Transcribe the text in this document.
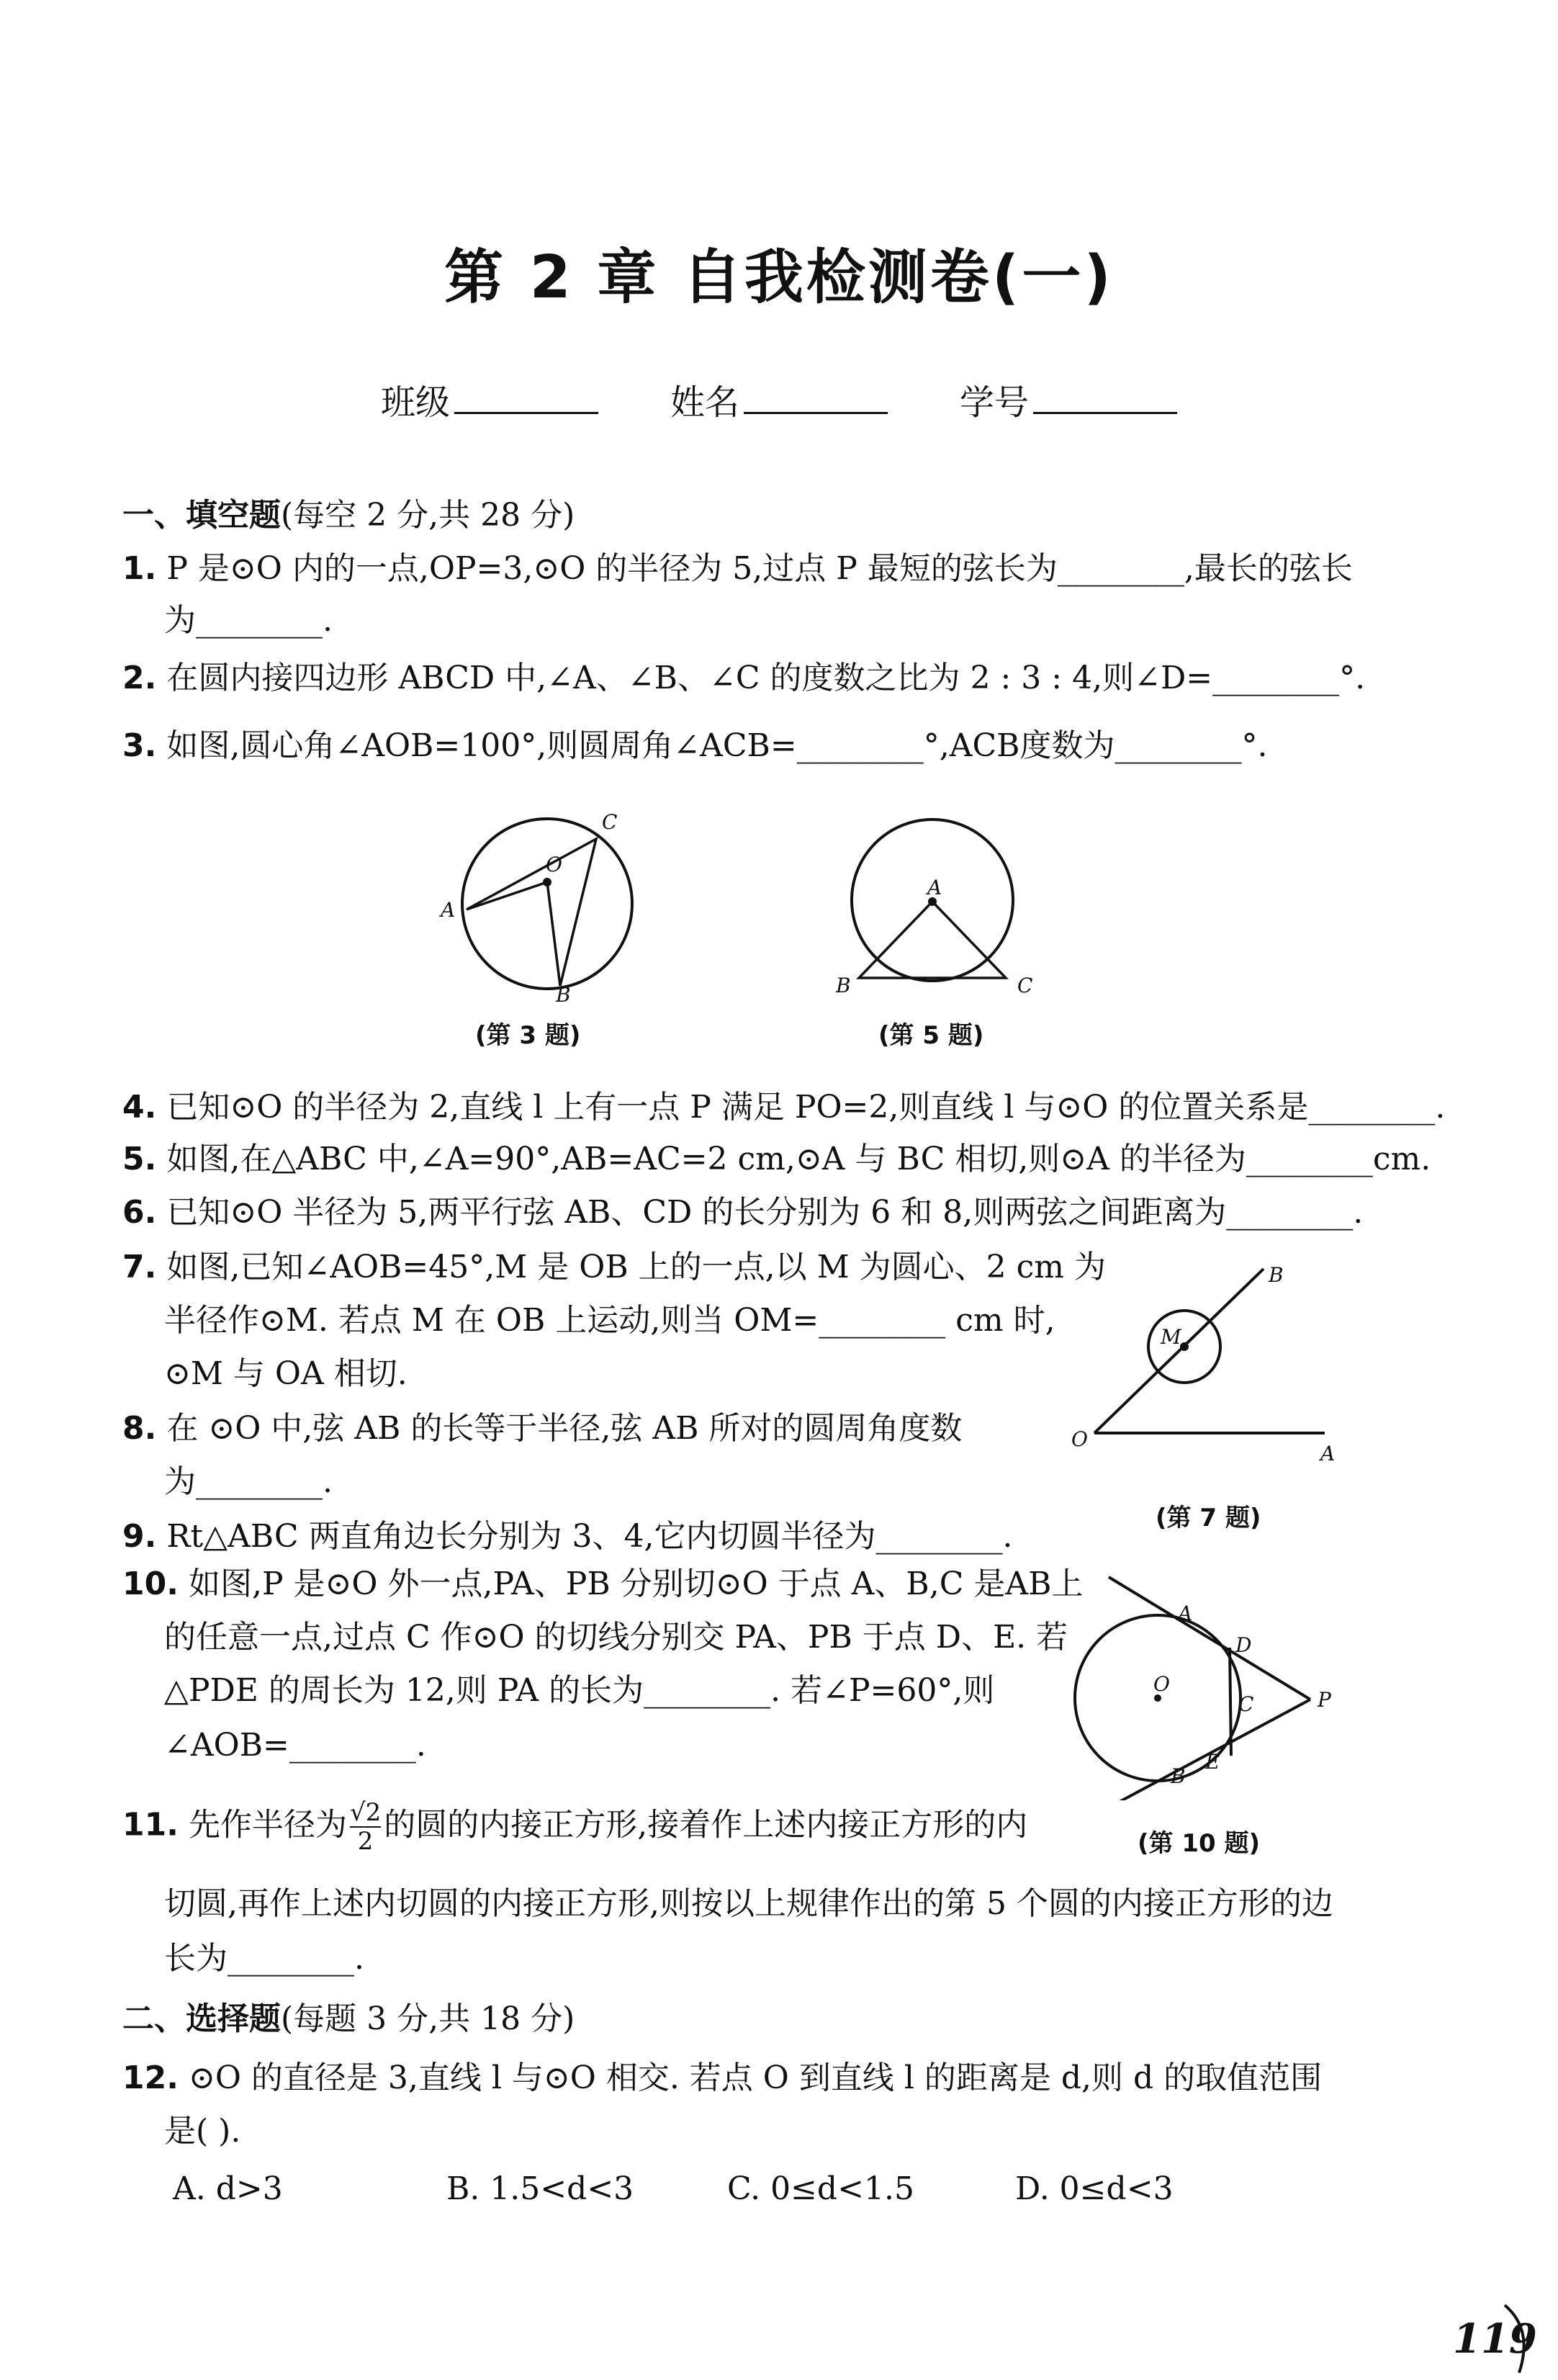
第 2 章 自我检测卷(一)
班级	姓名	学号
一、填空题(每空 2 分,共 28 分)
1. P 是⊙O 内的一点,OP=3,⊙O 的半径为 5,过点 P 最短的弦长为________,最长的弦长
为________.
2. 在圆内接四边形 ABCD 中,∠A、∠B、∠C 的度数之比为 2 : 3 : 4,则∠D=________°.
3. 如图,圆心角∠AOB=100°,则圆周角∠ACB=________°,ACB度数为________°.
A
B
C
O
(第 3 题)
A
B	C
(第 5 题)
4. 已知⊙O 的半径为 2,直线 l 上有一点 P 满足 PO=2,则直线 l 与⊙O 的位置关系是________.
5. 如图,在△ABC 中,∠A=90°,AB=AC=2 cm,⊙A 与 BC 相切,则⊙A 的半径为________cm.
6. 已知⊙O 半径为 5,两平行弦 AB、CD 的长分别为 6 和 8,则两弦之间距离为________.
7. 如图,已知∠AOB=45°,M 是 OB 上的一点,以 M 为圆心、2 cm 为
半径作⊙M. 若点 M 在 OB 上运动,则当 OM=________ cm 时,
⊙M 与 OA 相切.
O
A
B
M
(第 7 题)
8. 在 ⊙O 中,弦 AB 的长等于半径,弦 AB 所对的圆周角度数
为________.
9. Rt△ABC 两直角边长分别为 3、4,它内切圆半径为________.
10. 如图,P 是⊙O 外一点,PA、PB 分别切⊙O 于点 A、B,C 是AB上
的任意一点,过点 C 作⊙O 的切线分别交 PA、PB 于点 D、E. 若
△PDE 的周长为 12,则 PA 的长为________. 若∠P=60°,则
∠AOB=________.
A
B
C
D
E
O
P
(第 10 题)
11. 先作半径为 $\frac{√2}{2}$ 的圆的内接正方形,接着作上述内接正方形的内
切圆,再作上述内切圆的内接正方形,则按以上规律作出的第 5 个圆的内接正方形的边
长为________.
二、选择题(每题 3 分,共 18 分)
12. ⊙O 的直径是 3,直线 l 与⊙O 相交. 若点 O 到直线 l 的距离是 d,则 d 的取值范围
是( ).
A. d>3	B. 1.5<d<3	C. 0≤d<1.5	D. 0≤d<3
119
